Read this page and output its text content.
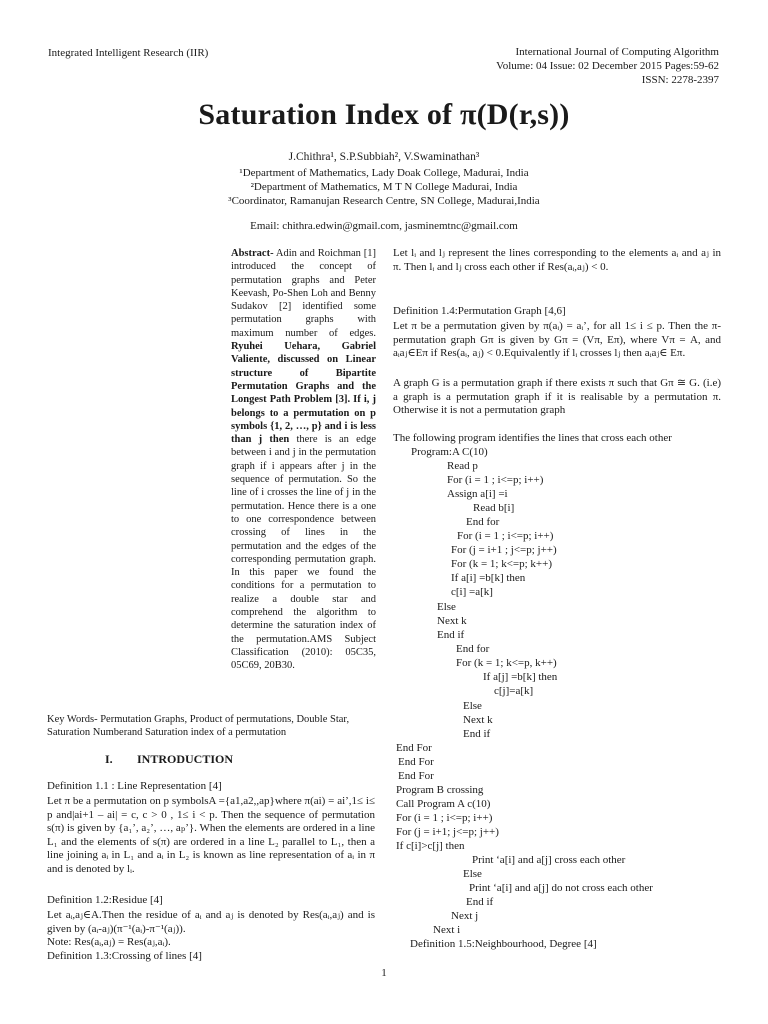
Integrated Intelligent Research (IIR)	International Journal of Computing Algorithm
Volume: 04 Issue: 02 December 2015 Pages:59-62
ISSN: 2278-2397
Saturation Index of π(D(r,s))
J.Chithra¹, S.P.Subbiah², V.Swaminathan³
¹Department of Mathematics, Lady Doak College, Madurai, India
²Department of Mathematics, M T N College Madurai, India
³Coordinator, Ramanujan Research Centre, SN College, Madurai,India
Email: chithra.edwin@gmail.com, jasminemtnc@gmail.com
Abstract- Adin and Roichman [1] introduced the concept of permutation graphs and Peter Keevash, Po-Shen Loh and Benny Sudakov [2] identified some permutation graphs with maximum number of edges. Ryuhei Uehara, Gabriel Valiente, discussed on Linear structure of Bipartite Permutation Graphs and the Longest Path Problem [3]. If i, j belongs to a permutation on p symbols {1, 2, …, p} and i is less than j then there is an edge between i and j in the permutation graph if i appears after j in the sequence of permutation. So the line of i crosses the line of j in the permutation. Hence there is a one to one correspondence between crossing of lines in the permutation and the edges of the corresponding permutation graph. In this paper we found the conditions for a permutation to realize a double star and comprehend the algorithm to determine the saturation index of the permutation.AMS Subject Classification (2010): 05C35, 05C69, 20B30.
Key Words- Permutation Graphs, Product of permutations, Double Star, Saturation Numberand Saturation index of a permutation
I. INTRODUCTION
Definition 1.1 : Line Representation [4]
Let π be a permutation on p symbolsA ={a1,a2,,ap}where π(ai) = ai’,1≤ i≤ p and|ai+1 – ai| = c, c > 0 , 1≤ i < p. Then the sequence of permutation s(π) is given by {a₁’, a₂’, …, aₚ’}. When the elements are ordered in a line L₁ and the elements of s(π) are ordered in a line L₂ parallel to L₁, then a line joining aᵢ in L₁ and aᵢ in L₂ is known as line representation of aᵢ in π and is denoted by lᵢ.
Definition 1.2:Residue [4]
Let aᵢ,aⱼ∈A.Then the residue of aᵢ and aⱼ is denoted by Res(aᵢ,aⱼ) and is given by (aᵢ-aⱼ)(π⁻¹(aᵢ)-π⁻¹(aⱼ)).
Note: Res(aᵢ,aⱼ) = Res(aⱼ,aᵢ).
Definition 1.3:Crossing of lines [4]
Let lᵢ and lⱼ represent the lines corresponding to the elements aᵢ and aⱼ in π. Then lᵢ and lⱼ cross each other if Res(aᵢ,aⱼ) < 0.
Definition 1.4:Permutation Graph [4,6]
Let π be a permutation given by π(aᵢ) = aᵢ’, for all 1≤ i ≤ p. Then the π-permutation graph Gπ is given by Gπ = (Vπ, Eπ), where Vπ = A, and aᵢaⱼ∈Eπ if Res(aᵢ, aⱼ) < 0.Equivalently if lᵢ crosses lⱼ then aᵢaⱼ∈ Eπ.
A graph G is a permutation graph if there exists π such that Gπ ≅ G. (i.e) a graph is a permutation graph if it is realisable by a permutation π. Otherwise it is not a permutation graph
The following program identifies the lines that cross each other
Program:A C(10)
Read p
For (i = 1 ; i<=p; i++)
Assign a[i] =i
Read b[i]
End for
For (i = 1 ; i<=p; i++)
For (j = i+1 ; j<=p; j++)
For (k = 1; k<=p; k++)
If a[i] =b[k] then
c[i] =a[k]
Else
Next k
End if
End for
For (k = 1; k<=p, k++)
If a[j] =b[k] then
c[j]=a[k]
Else
Next k
End if
End For
End For
End For
Program B crossing
Call Program A c(10)
For (i = 1 ; i<=p; i++)
For (j = i+1; j<=p; j++)
If c[i]>c[j] then
Print ‘a[i] and a[j] cross each other
Else
Print ‘a[i] and a[j] do not cross each other
End if
Next j
Next i
Definition 1.5:Neighbourhood, Degree [4]
1
